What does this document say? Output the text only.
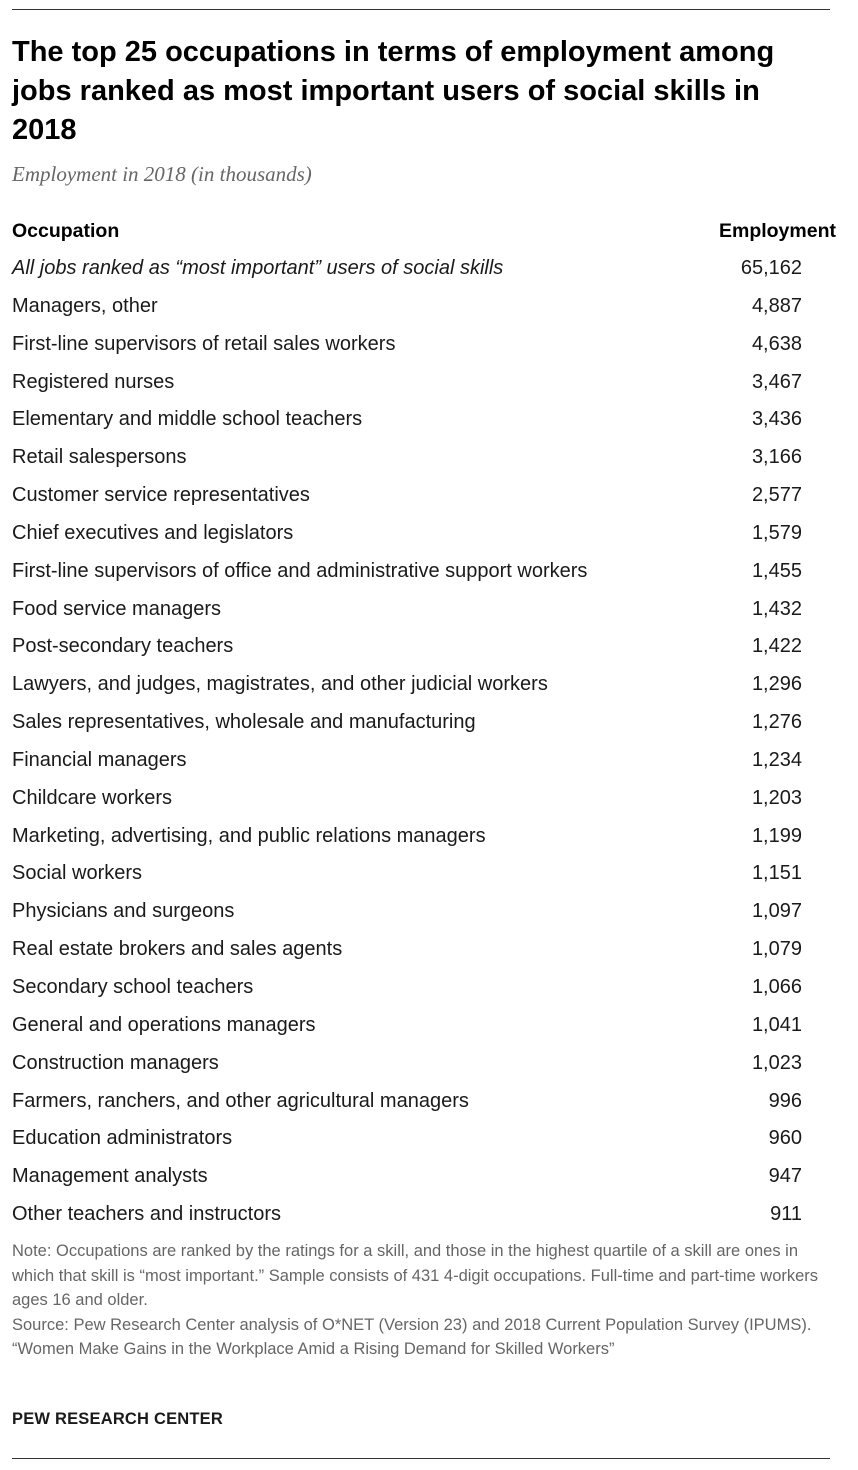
The top 25 occupations in terms of employment among jobs ranked as most important users of social skills in 2018
Employment in 2018 (in thousands)
Occupation	Employment
All jobs ranked as “most important” users of social skills	65,162
Managers, other	4,887
First-line supervisors of retail sales workers	4,638
Registered nurses	3,467
Elementary and middle school teachers	3,436
Retail salespersons	3,166
Customer service representatives	2,577
Chief executives and legislators	1,579
First-line supervisors of office and administrative support workers	1,455
Food service managers	1,432
Post-secondary teachers	1,422
Lawyers, and judges, magistrates, and other judicial workers	1,296
Sales representatives, wholesale and manufacturing	1,276
Financial managers	1,234
Childcare workers	1,203
Marketing, advertising, and public relations managers	1,199
Social workers	1,151
Physicians and surgeons	1,097
Real estate brokers and sales agents	1,079
Secondary school teachers	1,066
General and operations managers	1,041
Construction managers	1,023
Farmers, ranchers, and other agricultural managers	996
Education administrators	960
Management analysts	947
Other teachers and instructors	911

Note: Occupations are ranked by the ratings for a skill, and those in the highest quartile of a skill are ones in which that skill is “most important.” Sample consists of 431 4-digit occupations. Full-time and part-time workers ages 16 and older.

Source: Pew Research Center analysis of O*NET (Version 23) and 2018 Current Population Survey (IPUMS).

“Women Make Gains in the Workplace Amid a Rising Demand for Skilled Workers”

PEW RESEARCH CENTER
